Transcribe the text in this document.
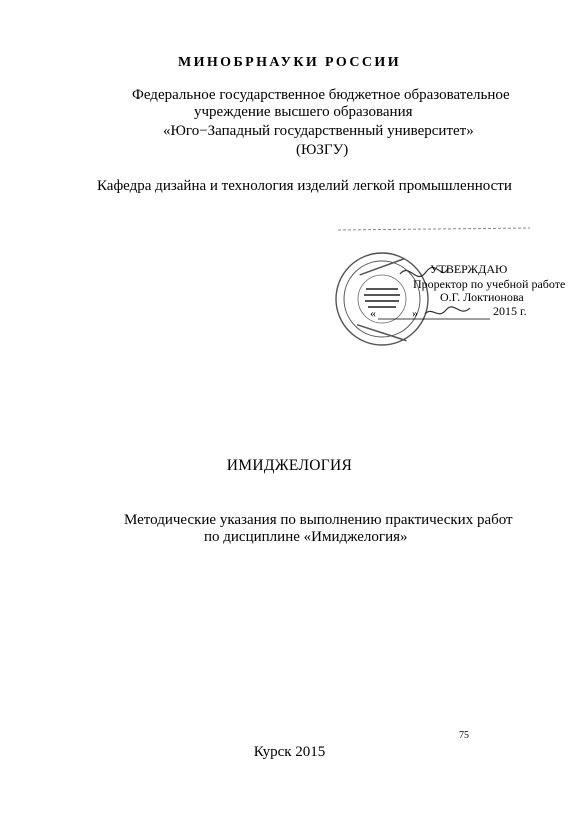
МИНОБРНАУКИ РОССИИ
Федеральное государственное бюджетное образовательное
учреждение высшего образования
«Юго−Западный государственный университет»
(ЮЗГУ)
Кафедра дизайна и технология изделий легкой промышленности
УТВЕРЖДАЮ
Проректор по учебной работе
О.Г. Локтионова
«	»	2015 г.
ИМИДЖЕЛОГИЯ
Методические указания по выполнению практических работ
по дисциплине «Имиджелогия»
75
Курск 2015
